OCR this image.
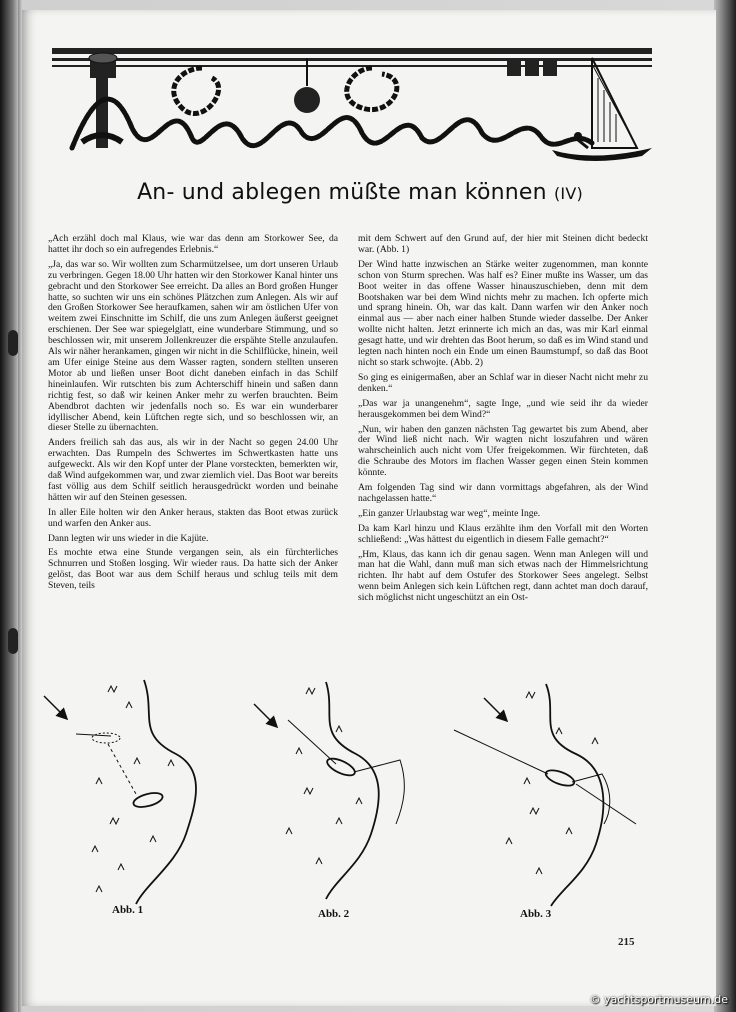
An- und ablegen müßte man können (IV)

„Ach erzähl doch mal Klaus, wie war das denn am Storkower See, da hattet ihr doch so ein aufregendes Erlebnis.“

„Ja, das war so. Wir wollten zum Scharmützelsee, um dort unseren Urlaub zu verbringen. Gegen 18.00 Uhr hatten wir den Storkower Kanal hinter uns gebracht und den Storkower See erreicht. Da alles an Bord großen Hunger hatte, so suchten wir uns ein schönes Plätzchen zum Anlegen. Als wir auf den Großen Storkower See heraufkamen, sahen wir am östlichen Ufer von weitem zwei Einschnitte im Schilf, die uns zum Anlegen äußerst geeignet erschienen. Der See war spiegelglatt, eine wunderbare Stimmung, und so beschlossen wir, mit unserem Jollenkreuzer die erspähte Stelle anzulaufen. Als wir näher herankamen, gingen wir nicht in die Schilflücke, hinein, weil am Ufer einige Steine aus dem Wasser ragten, sondern stellten unseren Motor ab und ließen unser Boot dicht daneben einfach in das Schilf hineinlaufen. Wir rutschten bis zum Achterschiff hinein und saßen dann richtig fest, so daß wir keinen Anker mehr zu werfen brauchten. Beim Abendbrot dachten wir jedenfalls noch so. Es war ein wunderbarer idyllischer Abend, kein Lüftchen regte sich, und so beschlossen wir, an dieser Stelle zu übernachten.

Anders freilich sah das aus, als wir in der Nacht so gegen 24.00 Uhr erwachten. Das Rumpeln des Schwertes im Schwertkasten hatte uns aufgeweckt. Als wir den Kopf unter der Plane vorsteckten, bemerkten wir, daß Wind aufgekommen war, und zwar ziemlich viel. Das Boot war bereits fast völlig aus dem Schilf seitlich herausgedrückt worden und beinahe hätten wir auf den Steinen gesessen.

In aller Eile holten wir den Anker heraus, stakten das Boot etwas zurück und warfen den Anker aus.

Dann legten wir uns wieder in die Kajüte.

Es mochte etwa eine Stunde vergangen sein, als ein fürchterliches Schnurren und Stoßen losging. Wir wieder raus. Da hatte sich der Anker gelöst, das Boot war aus dem Schilf heraus und schlug teils mit dem Steven, teils

mit dem Schwert auf den Grund auf, der hier mit Steinen dicht bedeckt war. (Abb. 1)

Der Wind hatte inzwischen an Stärke weiter zugenommen, man konnte schon von Sturm sprechen. Was half es? Einer mußte ins Wasser, um das Boot weiter in das offene Wasser hinauszuschieben, denn mit dem Bootshaken war bei dem Wind nichts mehr zu machen. Ich opferte mich und sprang hinein. Oh, war das kalt. Dann warfen wir den Anker noch einmal aus — aber nach einer halben Stunde wieder dasselbe. Der Anker wollte nicht halten. Jetzt erinnerte ich mich an das, was mir Karl einmal gesagt hatte, und wir drehten das Boot herum, so daß es im Wind stand und legten nach hinten noch ein Ende um einen Baumstumpf, so daß das Boot nicht so stark schwojte. (Abb. 2)

So ging es einigermaßen, aber an Schlaf war in dieser Nacht nicht mehr zu denken.“

„Das war ja unangenehm“, sagte Inge, „und wie seid ihr da wieder herausgekommen bei dem Wind?“

„Nun, wir haben den ganzen nächsten Tag gewartet bis zum Abend, aber der Wind ließ nicht nach. Wir wagten nicht loszufahren und wären wahrscheinlich auch nicht vom Ufer freigekommen. Wir fürchteten, daß die Schraube des Motors im flachen Wasser gegen einen Stein kommen könnte.

Am folgenden Tag sind wir dann vormittags abgefahren, als der Wind nachgelassen hatte.“

„Ein ganzer Urlaubstag war weg“, meinte Inge.

Da kam Karl hinzu und Klaus erzählte ihm den Vorfall mit den Worten schließend: „Was hättest du eigentlich in diesem Falle gemacht?“

„Hm, Klaus, das kann ich dir genau sagen. Wenn man Anlegen will und man hat die Wahl, dann muß man sich etwas nach der Himmelsrichtung richten. Ihr habt auf dem Ostufer des Storkower Sees angelegt. Selbst wenn beim Anlegen sich kein Lüftchen regt, dann achtet man doch darauf, sich möglichst nicht ungeschützt an ein Ost-

Abb. 1	Abb. 2	Abb. 3
215
© yachtsportmuseum.de
